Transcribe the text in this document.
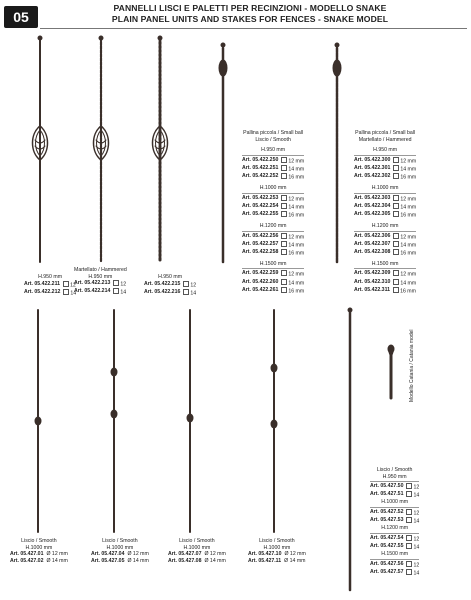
05
PANNELLI LISCI E PALETTI PER RECINZIONI - MODELLO SNAKE
PLAIN PANEL UNITS AND STAKES FOR FENCES - SNAKE MODEL
H.950 mm
Art. 05.422.211	12
Art. 05.422.212	14
Martellato / Hammered
H.950 mm
Art. 05.422.213	12
Art. 05.422.214	14
H.950 mm
Art. 05.422.215	12
Art. 05.422.216	14
Pallina piccola / Small ball
Liscio / Smooth
H.950 mm
Art. 05.422.250	12 mm
Art. 05.422.251	14 mm
Art. 05.422.252	16 mm
H.1000 mm
Art. 05.422.253	12 mm
Art. 05.422.254	14 mm
Art. 05.422.255	16 mm
H.1200 mm
Art. 05.422.256	12 mm
Art. 05.422.257	14 mm
Art. 05.422.258	16 mm
H.1500 mm
Art. 05.422.259	12 mm
Art. 05.422.260	14 mm
Art. 05.422.261	16 mm
Pallina piccola / Small ball
Martellato / Hammered
H.950 mm
Art. 05.422.300	12 mm
Art. 05.422.301	14 mm
Art. 05.422.302	16 mm
H.1000 mm
Art. 05.422.303	12 mm
Art. 05.422.304	14 mm
Art. 05.422.305	16 mm
H.1200 mm
Art. 05.422.306	12 mm
Art. 05.422.307	14 mm
Art. 05.422.308	16 mm
H.1500 mm
Art. 05.422.309	12 mm
Art. 05.422.310	14 mm
Art. 05.422.311	16 mm
Liscio / Smooth
H.1000 mm
Art. 05.427.01 Ø 12 mm
Art. 05.427.02 Ø 14 mm
Liscio / Smooth
H.1000 mm
Art. 05.427.04 Ø 12 mm
Art. 05.427.05 Ø 14 mm
Liscio / Smooth
H.1000 mm
Art. 05.427.07 Ø 12 mm
Art. 05.427.08 Ø 14 mm
Liscio / Smooth
H.1000 mm
Art. 05.427.10 Ø 12 mm
Art. 05.427.11 Ø 14 mm
Liscio / Smooth
H.950 mm
Art. 05.427.50	12
Art. 05.427.51	14
H.1000 mm
Art. 05.427.52	12
Art. 05.427.53	14
H.1200 mm
Art. 05.427.54	12
Art. 05.427.55	14
H.1500 mm
Art. 05.427.56	12
Art. 05.427.57	14
Modello Catania / Catania model
